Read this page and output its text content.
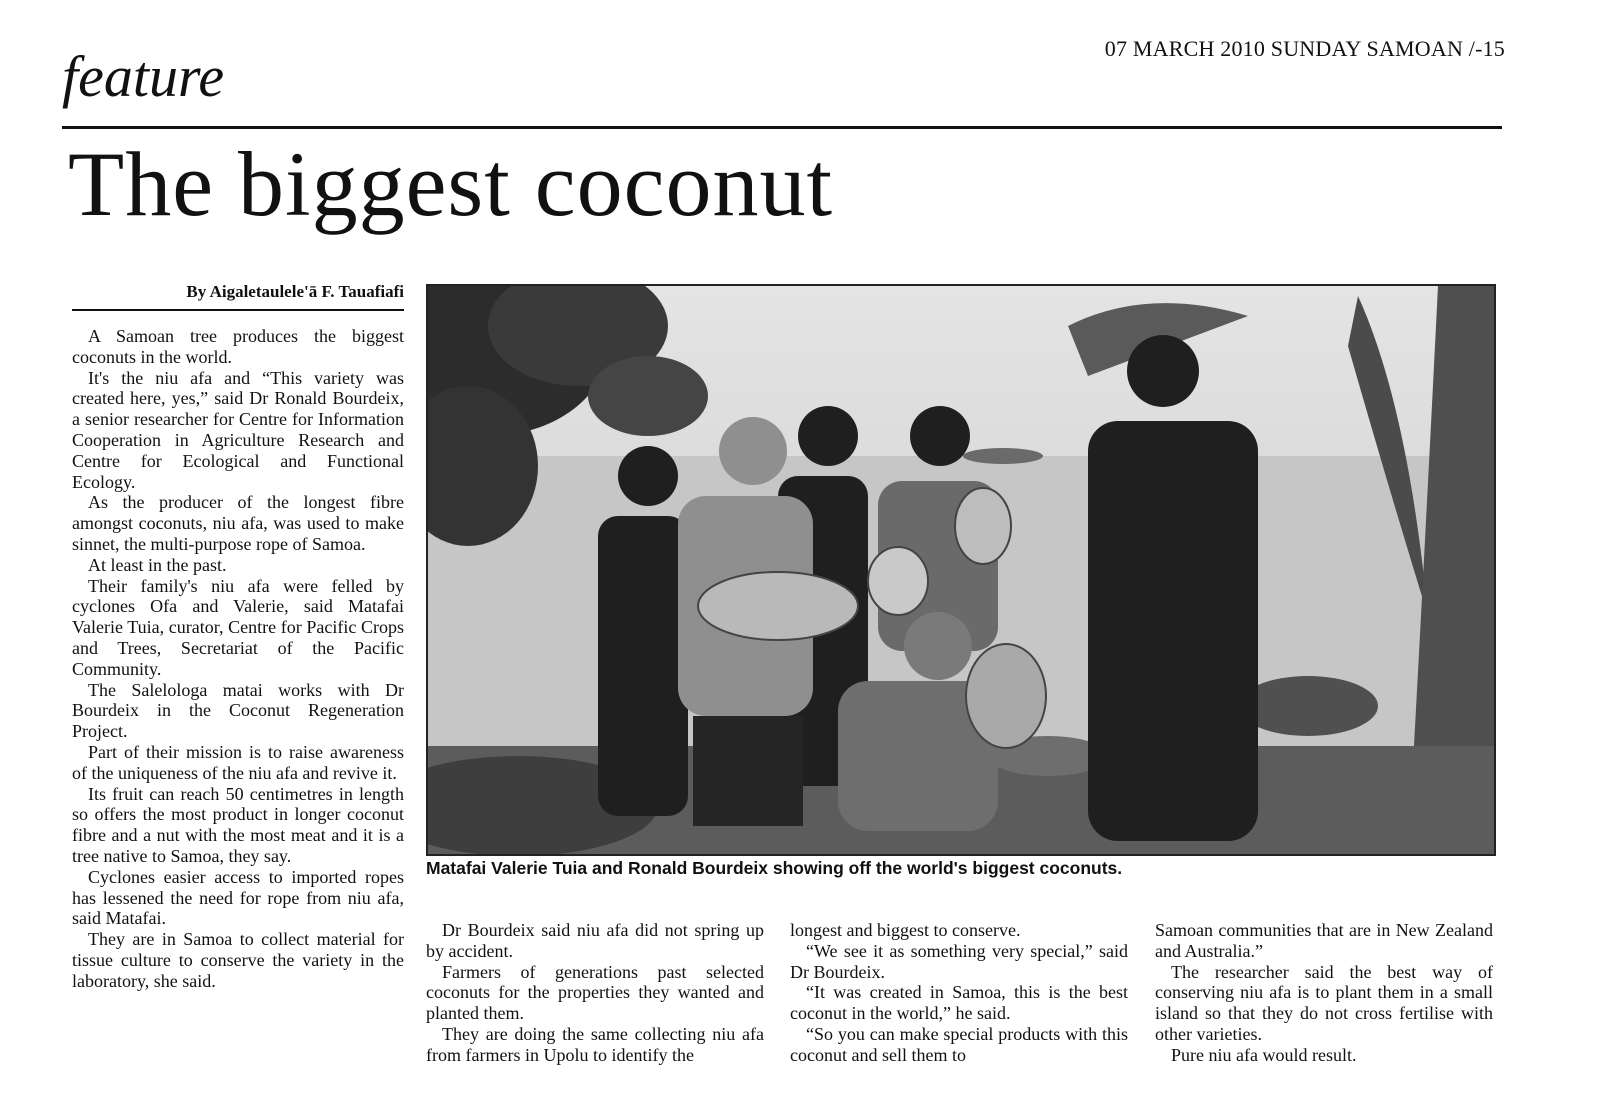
07 MARCH 2010 SUNDAY SAMOAN /-15
feature
The biggest coconut
By Aigaletaulele'ā F. Tauafiafi

A Samoan tree produces the biggest coconuts in the world.

It's the niu afa and “This variety was created here, yes,” said Dr Ronald Bourdeix, a senior researcher for Centre for Information Cooperation in Agriculture Research and Centre for Ecological and Functional Ecology.

As the producer of the longest fibre amongst coconuts, niu afa, was used to make sinnet, the multi-purpose rope of Samoa.

At least in the past.

Their family's niu afa were felled by cyclones Ofa and Valerie, said Matafai Valerie Tuia, curator, Centre for Pacific Crops and Trees, Secretariat of the Pacific Community.

The Salelologa matai works with Dr Bourdeix in the Coconut Regeneration Project.

Part of their mission is to raise awareness of the uniqueness of the niu afa and revive it.

Its fruit can reach 50 centimetres in length so offers the most product in longer coconut fibre and a nut with the most meat and it is a tree native to Samoa, they say.

Cyclones easier access to imported ropes has lessened the need for rope from niu afa, said Matafai.

They are in Samoa to collect material for tissue culture to conserve the variety in the laboratory, she said.

Matafai Valerie Tuia and Ronald Bourdeix showing off the world's biggest coconuts.

Dr Bourdeix said niu afa did not spring up by accident.

Farmers of generations past selected coconuts for the properties they wanted and planted them.

They are doing the same collecting niu afa from farmers in Upolu to identify the

longest and biggest to conserve.

“We see it as something very special,” said Dr Bourdeix.

“It was created in Samoa, this is the best coconut in the world,” he said.

“So you can make special products with this coconut and sell them to

Samoan communities that are in New Zealand and Australia.”

The researcher said the best way of conserving niu afa is to plant them in a small island so that they do not cross fertilise with other varieties.

Pure niu afa would result.
